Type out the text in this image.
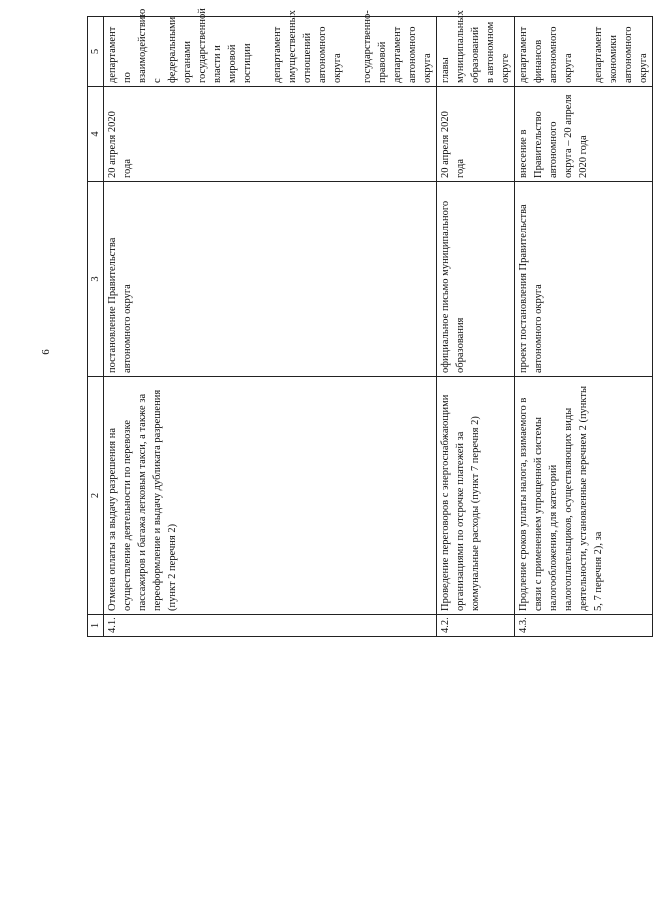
6
1	2	3	4	5
4.1.	Отмена оплаты за выдачу разрешения на осуществление деятельности по перевозке пассажиров и багажа легковым такси, а также за переоформление и выдачу дубликата разрешения (пункт 2 перечня 2)	постановление Правительства автономного округа	20 апреля 2020 года	департамент по взаимодействию с федеральными органами государственной власти и мировой юстиции департамент имущественных отношений автономного округа государственно-правовой департамент автономного округа

4.2.	Проведение переговоров с энергоснабжающими организациями по отсрочке платежей за коммунальные расходы (пункт 7 перечня 2)	официальное письмо муниципального образования	20 апреля 2020 года	главы муниципальных образований в автономном округе

4.3.	Продление сроков уплаты налога, взимаемого в связи с применением упрощенной системы налогообложения, для категорий налогоплательщиков, осуществляющих виды деятельности, установленные перечнем 2 (пункты 5, 7 перечня 2), за	проект постановления Правительства автономного округа	внесение в Правительство автономного округа – 20 апреля 2020 года	департамент финансов автономного округа департамент экономики автономного округа
